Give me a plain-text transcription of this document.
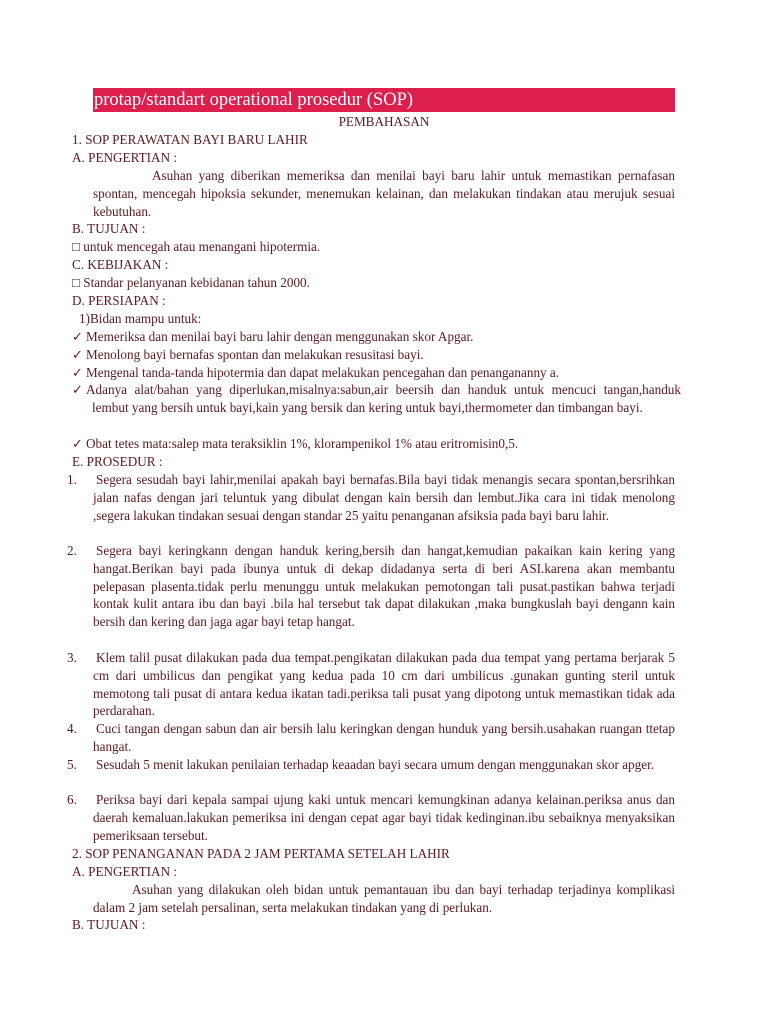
protap/standart operational prosedur (SOP)
PEMBAHASAN
1. SOP PERAWATAN BAYI BARU LAHIR
A. PENGERTIAN :
Asuhan yang diberikan memeriksa dan menilai bayi baru lahir untuk memastikan pernafasan spontan, mencegah hipoksia sekunder, menemukan kelainan, dan melakukan tindakan atau merujuk sesuai kebutuhan.
B. TUJUAN :
□ untuk mencegah atau menangani hipotermia.
C. KEBIJAKAN :
□ Standar pelanyanan kebidanan tahun 2000.
D. PERSIAPAN :
1)Bidan mampu untuk:
✓ Memeriksa dan menilai bayi baru lahir dengan menggunakan skor Apgar.
✓ Menolong bayi bernafas spontan dan melakukan resusitasi bayi.
✓ Mengenal tanda-tanda hipotermia dan dapat melakukan pencegahan dan penangananny a.
✓ Adanya alat/bahan yang diperlukan,misalnya:sabun,air beersih dan handuk untuk mencuci tangan,handuk lembut yang bersih untuk bayi,kain yang bersik dan kering untuk bayi,thermometer dan timbangan bayi.
✓ Obat tetes mata:salep mata teraksiklin 1%, klorampenikol 1% atau eritromisin0,5.
E. PROSEDUR :
1. Segera sesudah bayi lahir,menilai apakah bayi bernafas.Bila bayi tidak menangis secara spontan,bersrihkan jalan nafas dengan jari teluntuk yang dibulat dengan kain bersih dan lembut.Jika cara ini tidak menolong ,segera lakukan tindakan sesuai dengan standar 25 yaitu penanganan afsiksia pada bayi baru lahir.
2. Segera bayi keringkann dengan handuk kering,bersih dan hangat,kemudian pakaikan kain kering yang hangat.Berikan bayi pada ibunya untuk di dekap didadanya serta di beri ASI.karena akan membantu pelepasan plasenta.tidak perlu menunggu untuk melakukan pemotongan tali pusat.pastikan bahwa terjadi kontak kulit antara ibu dan bayi .bila hal tersebut tak dapat dilakukan ,maka bungkuslah bayi dengann kain bersih dan kering dan jaga agar bayi tetap hangat.
3. Klem talil pusat dilakukan pada dua tempat.pengikatan dilakukan pada dua tempat yang pertama berjarak 5 cm dari umbilicus dan pengikat yang kedua pada 10 cm dari umbilicus .gunakan gunting steril untuk memotong tali pusat di antara kedua ikatan tadi.periksa tali pusat yang dipotong untuk memastikan tidak ada perdarahan.
4. Cuci tangan dengan sabun dan air bersih lalu keringkan dengan hunduk yang bersih.usahakan ruangan ttetap hangat.
5. Sesudah 5 menit lakukan penilaian terhadap keaadan bayi secara umum dengan menggunakan skor apger.
6. Periksa bayi dari kepala sampai ujung kaki untuk mencari kemungkinan adanya kelainan.periksa anus dan daerah kemaluan.lakukan pemeriksa ini dengan cepat agar bayi tidak kedinginan.ibu sebaiknya menyaksikan pemeriksaan tersebut.
2. SOP PENANGANAN PADA 2 JAM PERTAMA SETELAH LAHIR
A. PENGERTIAN :
Asuhan yang dilakukan oleh bidan untuk pemantauan ibu dan bayi terhadap terjadinya komplikasi dalam 2 jam setelah persalinan, serta melakukan tindakan yang di perlukan.
B. TUJUAN :
